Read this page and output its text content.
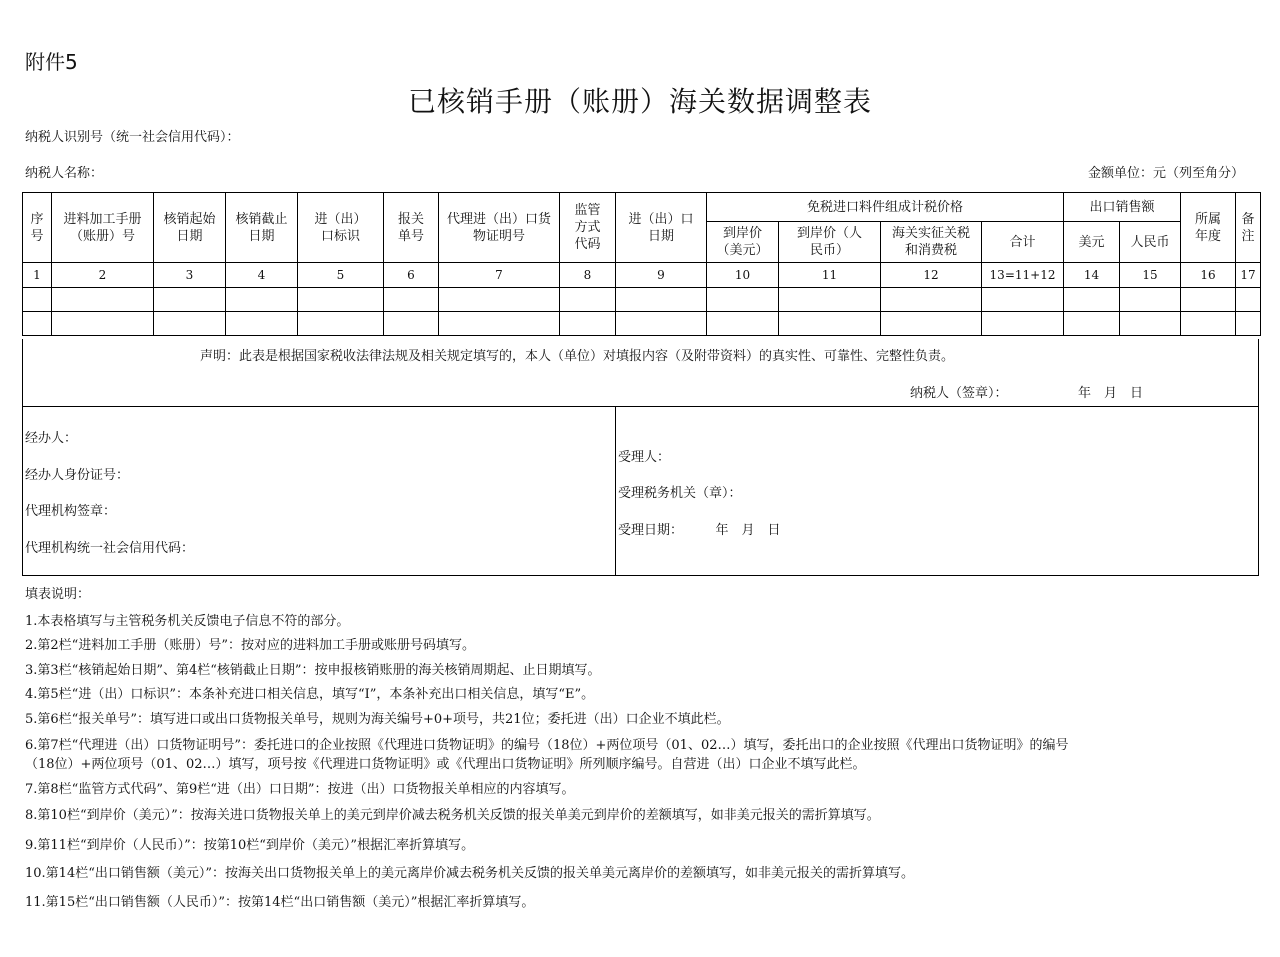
附件5
已核销手册（账册）海关数据调整表
纳税人识别号（统一社会信用代码）：
纳税人名称：	金额单位：元（列至角分）
序号	进料加工手册（账册）号	核销起始日期	核销截止日期	进（出）口标识	报关单号	代理进（出）口货物证明号	监管方式代码	进（出）口日期	免税进口料件组成计税价格				出口销售额		所属年度	备注
									到岸价（美元）	到岸价（人民币）	海关实征关税和消费税	合计	美元	人民币		
1	2	3	4	5	6	7	8	9	10	11	12	13=11+12	14	15	16	17

声明：此表是根据国家税收法律法规及相关规定填写的，本人（单位）对填报内容（及附带资料）的真实性、可靠性、完整性负责。
纳税人（签章）：	年　月　日
经办人：
经办人身份证号：
代理机构签章：
代理机构统一社会信用代码：
受理人：
受理税务机关（章）：
受理日期：　　　年　月　日
填表说明：
1.本表格填写与主管税务机关反馈电子信息不符的部分。
2.第2栏“进料加工手册（账册）号”：按对应的进料加工手册或账册号码填写。
3.第3栏“核销起始日期”、第4栏“核销截止日期”：按申报核销账册的海关核销周期起、止日期填写。
4.第5栏“进（出）口标识”：本条补充进口相关信息，填写“I”，本条补充出口相关信息，填写“E”。
5.第6栏“报关单号”：填写进口或出口货物报关单号，规则为海关编号+0+项号，共21位；委托进（出）口企业不填此栏。
6.第7栏“代理进（出）口货物证明号”：委托进口的企业按照《代理进口货物证明》的编号（18位）+两位项号（01、02…）填写，委托出口的企业按照《代理出口货物证明》的编号
（18位）+两位项号（01、02…）填写，项号按《代理进口货物证明》或《代理出口货物证明》所列顺序编号。自营进（出）口企业不填写此栏。
7.第8栏“监管方式代码”、第9栏“进（出）口日期”：按进（出）口货物报关单相应的内容填写。
8.第10栏“到岸价（美元）”：按海关进口货物报关单上的美元到岸价减去税务机关反馈的报关单美元到岸价的差额填写，如非美元报关的需折算填写。
9.第11栏“到岸价（人民币）”：按第10栏“到岸价（美元）”根据汇率折算填写。
10.第14栏“出口销售额（美元）”：按海关出口货物报关单上的美元离岸价减去税务机关反馈的报关单美元离岸价的差额填写，如非美元报关的需折算填写。
11.第15栏“出口销售额（人民币）”：按第14栏“出口销售额（美元）”根据汇率折算填写。
